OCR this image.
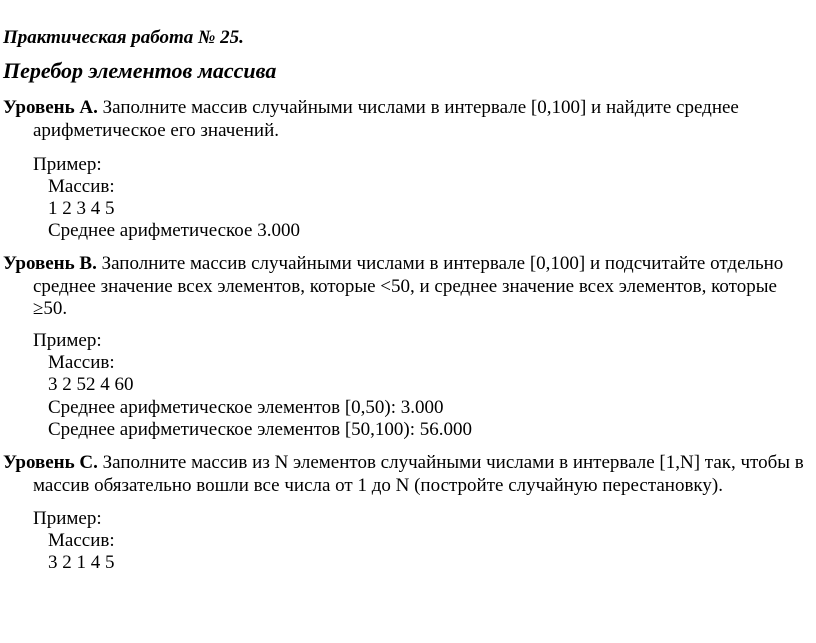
Практическая работа № 25.
Перебор элементов массива
Уровень A. Заполните массив случайными числами в интервале [0,100] и найдите среднее
арифметическое его значений.
Пример:
Массив:
1 2 3 4 5
Среднее арифметическое 3.000
Уровень B. Заполните массив случайными числами в интервале [0,100] и подсчитайте отдельно
среднее значение всех элементов, которые <50, и среднее значение всех элементов, которые
≥50.
Пример:
Массив:
3 2 52 4 60
Среднее арифметическое элементов [0,50): 3.000
Среднее арифметическое элементов [50,100): 56.000
Уровень C. Заполните массив из N элементов случайными числами в интервале [1,N] так, чтобы в
массив обязательно вошли все числа от 1 до N (постройте случайную перестановку).
Пример:
Массив:
3 2 1 4 5
